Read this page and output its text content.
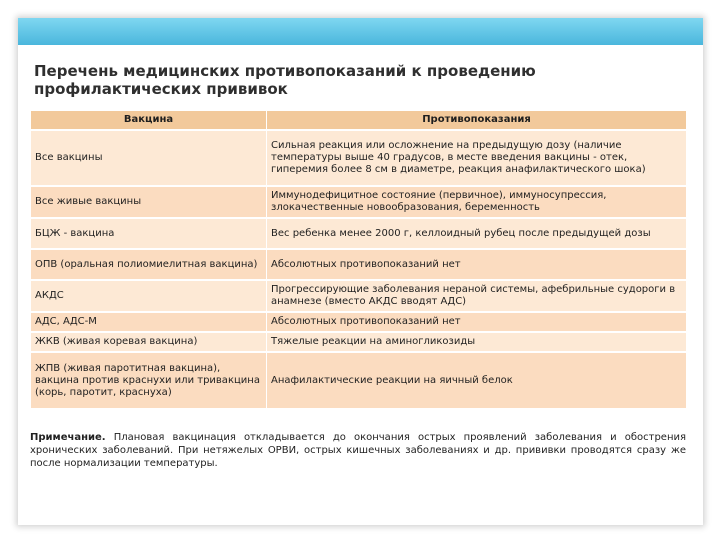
Перечень медицинских противопоказаний к проведению профилактических прививок
Вакцина	Противопоказания
Все вакцины	Сильная реакция или осложнение на предыдущую дозу (наличие температуры выше 40 градусов, в месте введения вакцины - отек, гиперемия более 8 см в диаметре, реакция анафилактического шока)
Все живые вакцины	Иммунодефицитное состояние (первичное), иммуносупрессия, злокачественные новообразования, беременность
БЦЖ - вакцина	Вес ребенка менее 2000 г, келлоидный рубец после предыдущей дозы
ОПВ (оральная полиомиелитная вакцина)	Абсолютных противопоказаний нет
АКДС	Прогрессирующие заболевания нераной системы, афебрильные судороги в анамнезе (вместо АКДС вводят АДС)
АДС, АДС-М	Абсолютных противопоказаний нет
ЖКВ (живая коревая вакцина)	Тяжелые реакции на аминогликозиды
ЖПВ (живая паротитная вакцина), вакцина против краснухи или тривакцина (корь, паротит, краснуха)	Анафилактические реакции на яичный белок

Примечание. Плановая вакцинация откладывается до окончания острых проявлений заболевания и обострения хронических заболеваний. При нетяжелых ОРВИ, острых кишечных заболеваниях и др. прививки проводятся сразу же после нормализации температуры.
